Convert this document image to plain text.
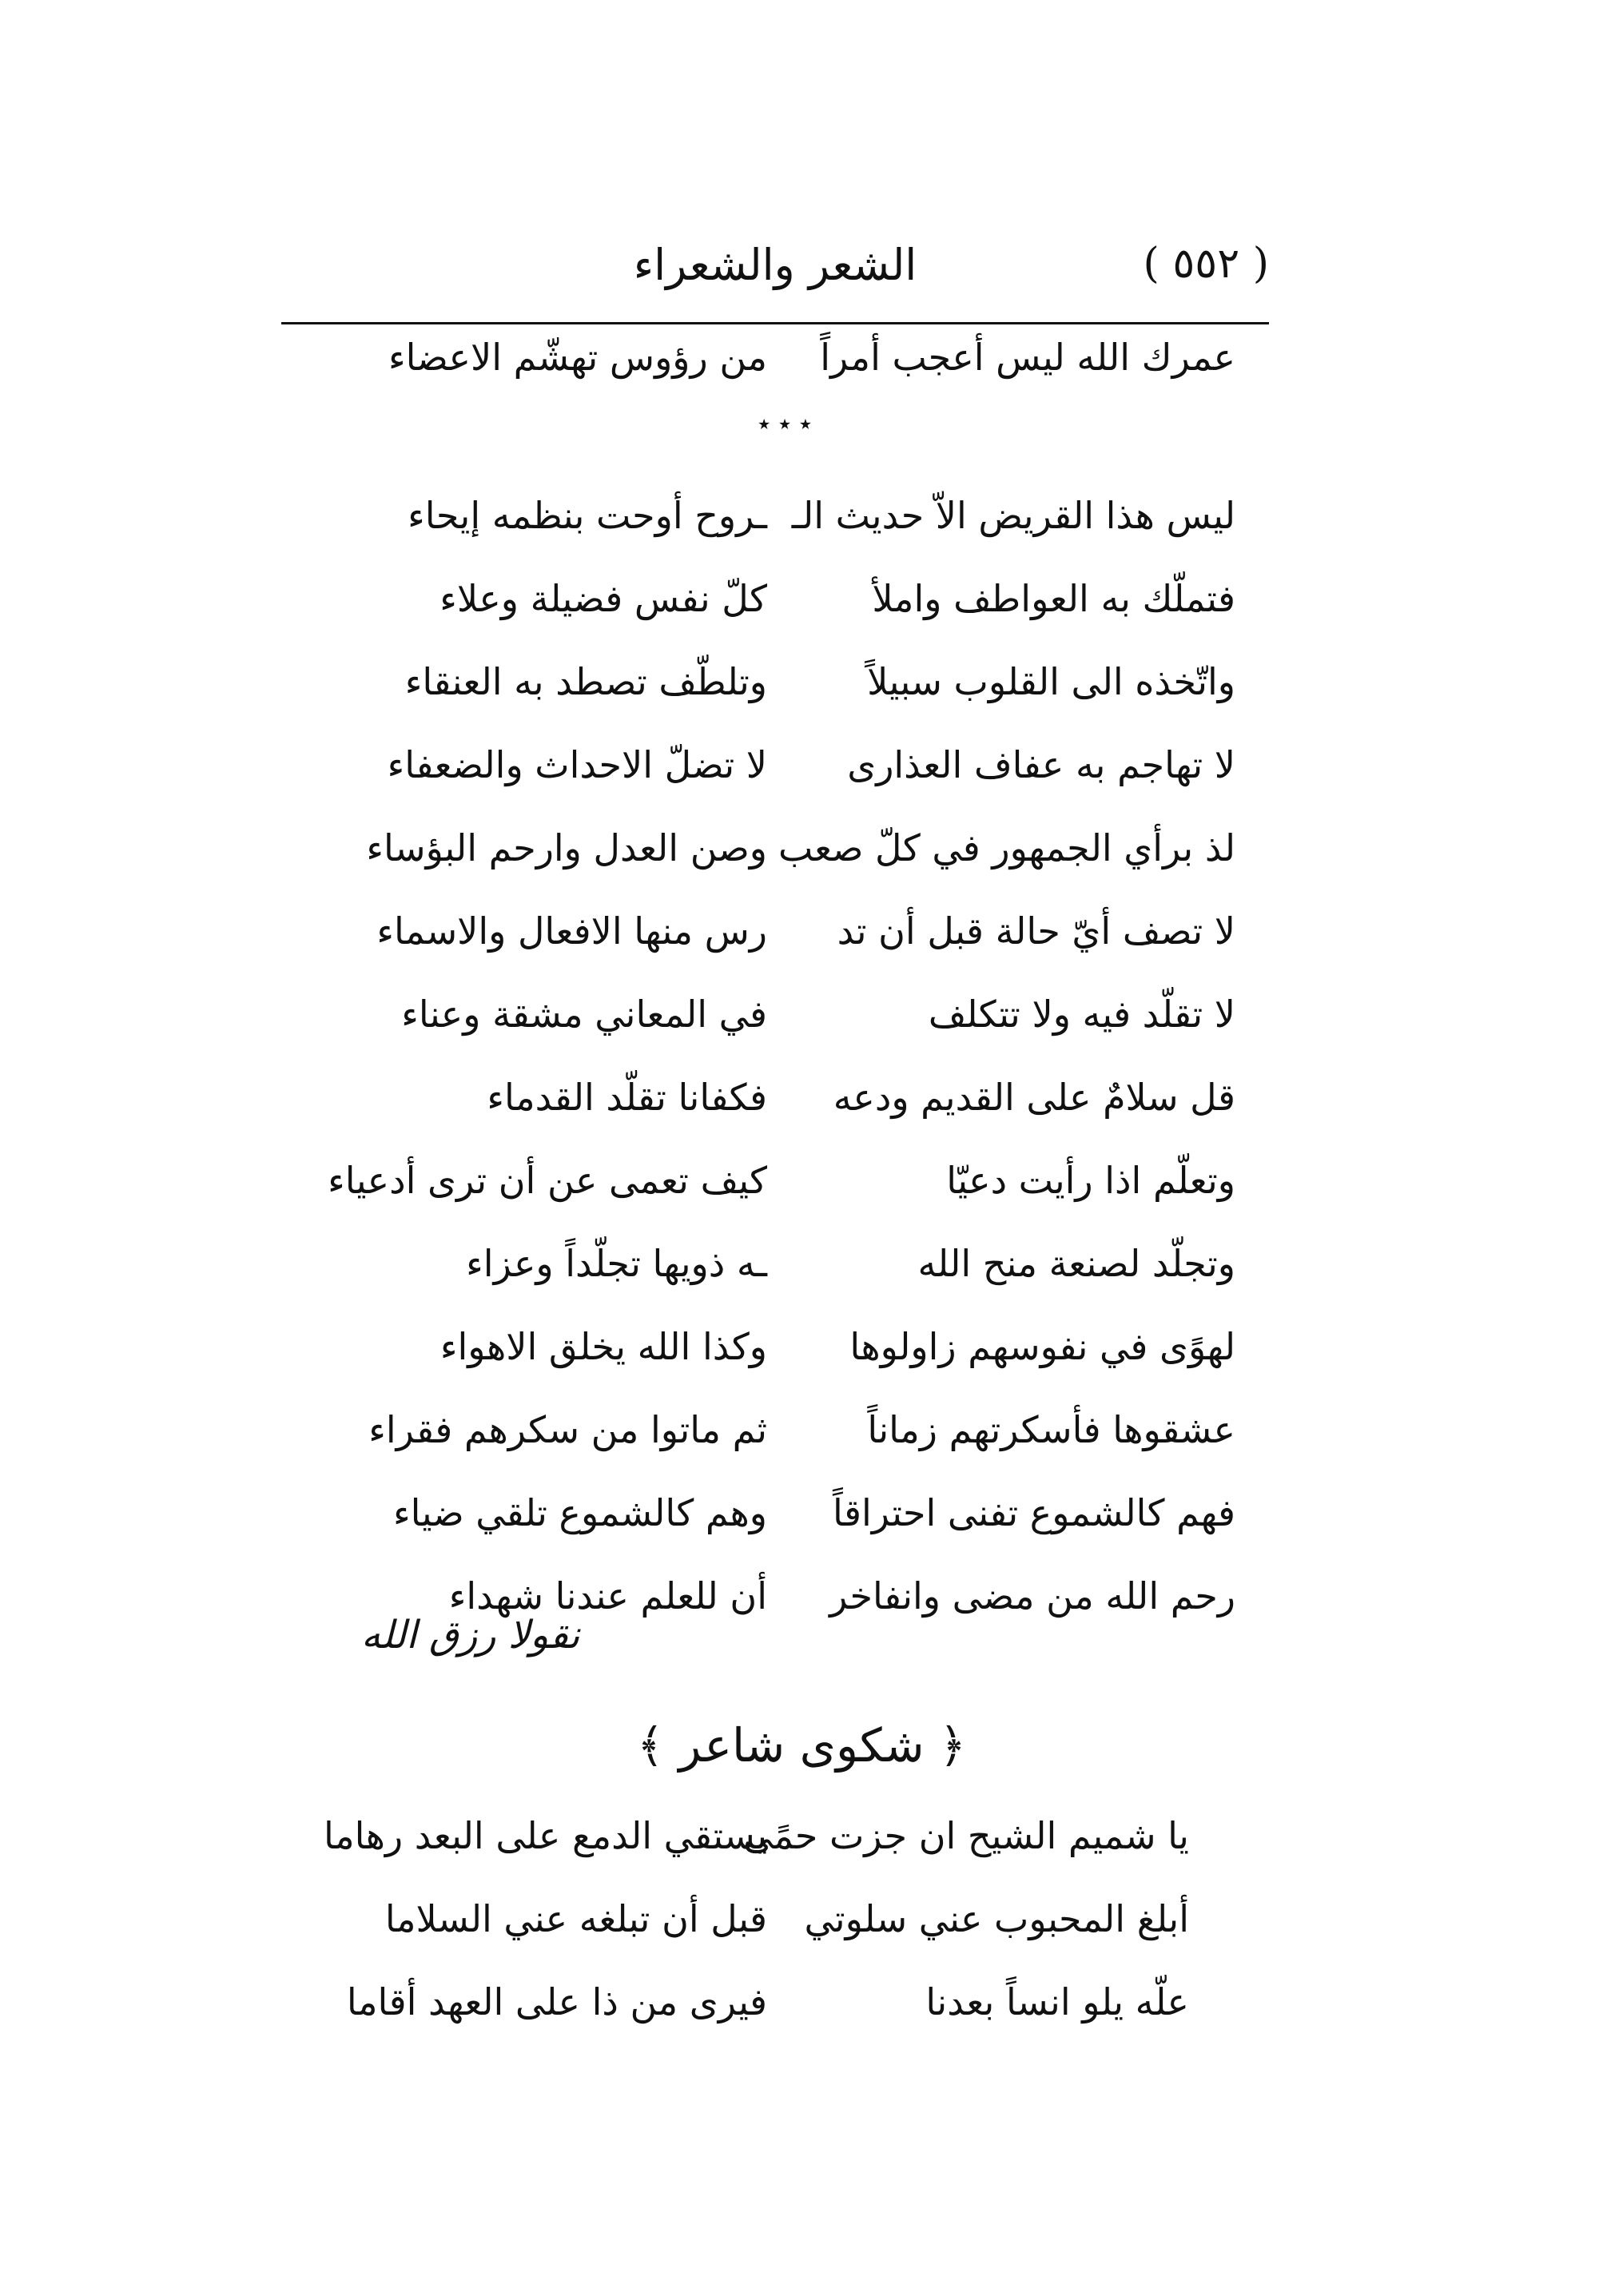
( ٥٥٢ )
الشعر والشعراء
عمرك الله ليس أعجب أمراً
من رؤوس تهشّم الاعضاء
٭ ٭ ٭
ليس هذا القريض الاّ حديث الـ
ـروح أوحت بنظمه إيحاء
فتملّك به العواطف واملأ
كلّ نفس فضيلة وعلاء
واتّخذه الى القلوب سبيلاً
وتلطّف تصطد به العنقاء
لا تهاجم به عفاف العذارى
لا تضلّ الاحداث والضعفاء
لذ برأي الجمهور في كلّ صعب
وصن العدل وارحم البؤساء
لا تصف أيّ حالة قبل أن تد
رس منها الافعال والاسماء
لا تقلّد فيه ولا تتكلف
في المعاني مشقة وعناء
قل سلامٌ على القديم ودعه
فكفانا تقلّد القدماء
وتعلّم اذا رأيت دعيّا
كيف تعمى عن أن ترى أدعياء
وتجلّد لصنعة منح الله
ـه ذويها تجلّداً وعزاء
لهوًى في نفوسهم زاولوها
وكذا الله يخلق الاهواء
عشقوها فأسكرتهم زماناً
ثم ماتوا من سكرهم فقراء
فهم كالشموع تفنى احتراقاً
وهم كالشموع تلقي ضياء
رحم الله من مضى وانفاخر
أن للعلم عندنا شهداء
نقولا رزق الله
﴿ شكوى شاعر ﴾
يا شميم الشيح ان جزت حمًى
يستقي الدمع على البعد رهاما
أبلغ المحبوب عني سلوتي
قبل أن تبلغه عني السلاما
علّه يلو انساً بعدنا
فيرى من ذا على العهد أقاما
